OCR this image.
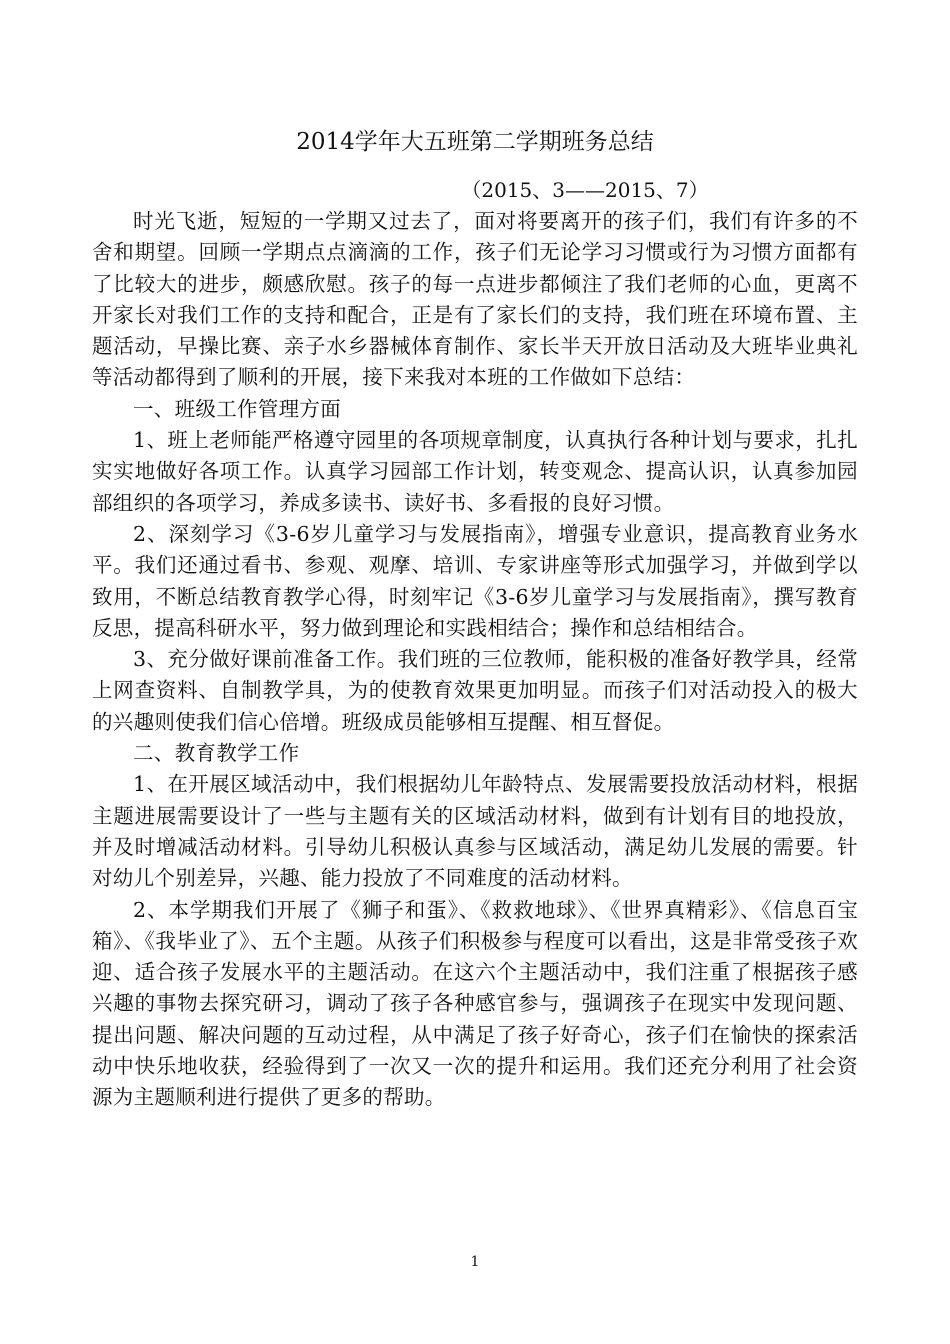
2014学年大五班第二学期班务总结
（2015、3——2015、7）

时光飞逝，短短的一学期又过去了，面对将要离开的孩子们，我们有许多的不舍和期望。回顾一学期点点滴滴的工作，孩子们无论学习习惯或行为习惯方面都有了比较大的进步，颇感欣慰。孩子的每一点进步都倾注了我们老师的心血，更离不开家长对我们工作的支持和配合，正是有了家长们的支持，我们班在环境布置、主题活动，早操比赛、亲子水乡器械体育制作、家长半天开放日活动及大班毕业典礼等活动都得到了顺利的开展，接下来我对本班的工作做如下总结：

一、班级工作管理方面

1、班上老师能严格遵守园里的各项规章制度，认真执行各种计划与要求，扎扎实实地做好各项工作。认真学习园部工作计划，转变观念、提高认识，认真参加园部组织的各项学习，养成多读书、读好书、多看报的良好习惯。

2、深刻学习《3-6岁儿童学习与发展指南》，增强专业意识，提高教育业务水平。我们还通过看书、参观、观摩、培训、专家讲座等形式加强学习，并做到学以致用，不断总结教育教学心得，时刻牢记《3-6岁儿童学习与发展指南》，撰写教育反思，提高科研水平，努力做到理论和实践相结合；操作和总结相结合。

3、充分做好课前准备工作。我们班的三位教师，能积极的准备好教学具，经常上网查资料、自制教学具，为的使教育效果更加明显。而孩子们对活动投入的极大的兴趣则使我们信心倍增。班级成员能够相互提醒、相互督促。

二、教育教学工作

1、在开展区域活动中，我们根据幼儿年龄特点、发展需要投放活动材料，根据主题进展需要设计了一些与主题有关的区域活动材料，做到有计划有目的地投放，并及时增减活动材料。引导幼儿积极认真参与区域活动，满足幼儿发展的需要。针对幼儿个别差异，兴趣、能力投放了不同难度的活动材料。

2、本学期我们开展了《狮子和蛋》、《救救地球》、《世界真精彩》、《信息百宝箱》、《我毕业了》、五个主题。从孩子们积极参与程度可以看出，这是非常受孩子欢迎、适合孩子发展水平的主题活动。在这六个主题活动中，我们注重了根据孩子感兴趣的事物去探究研习，调动了孩子各种感官参与，强调孩子在现实中发现问题、提出问题、解决问题的互动过程，从中满足了孩子好奇心，孩子们在愉快的探索活动中快乐地收获，经验得到了一次又一次的提升和运用。我们还充分利用了社会资源为主题顺利进行提供了更多的帮助。

1
